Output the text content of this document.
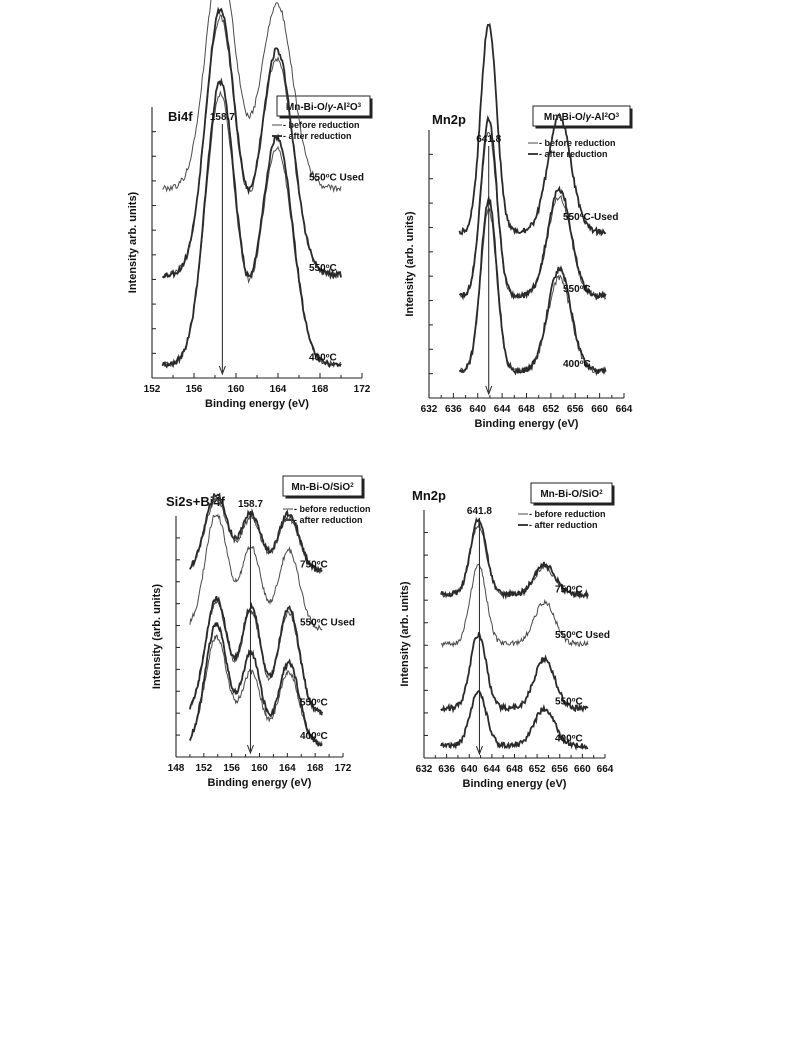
152	156	160	164	168	172
Binding energy (eV)
Intensity arb. units)
Bi4f
$Mn-Bi-O/\gamma-Al^2O^3$
- before reduction
- after reduction
400$^o$C
550$^o$C
550$^o$C Used
158.7
632 636 640 644 648 652 656 660 664
Binding energy (eV)
Intensity (arb. units)
Mn2p	$Mn-Bi-O/\gamma-Al^2O^3$
- before reduction
- after reduction
400$^o$C
550$^o$C
550$^o$C-Used
641.8
148 152 156 160 164 168 172
Binding energy (eV)
Intensity (arb. units)
Si2s+Bi4f
Mn-Bi-O/SiO$^2$
- before reduction
- after reduction
400$^o$C
550$^o$C
550$^o$C Used
750$^o$C
158.7
632 636 640 644 648 652 656 660 664
Binding energy (eV)
Intensity (arb. units)
Mn2p	Mn-Bi-O/SiO$^2$
- before reduction
- after reduction
400$^o$C
550$^o$C
550$^o$C Used
750$^o$C
641.8
